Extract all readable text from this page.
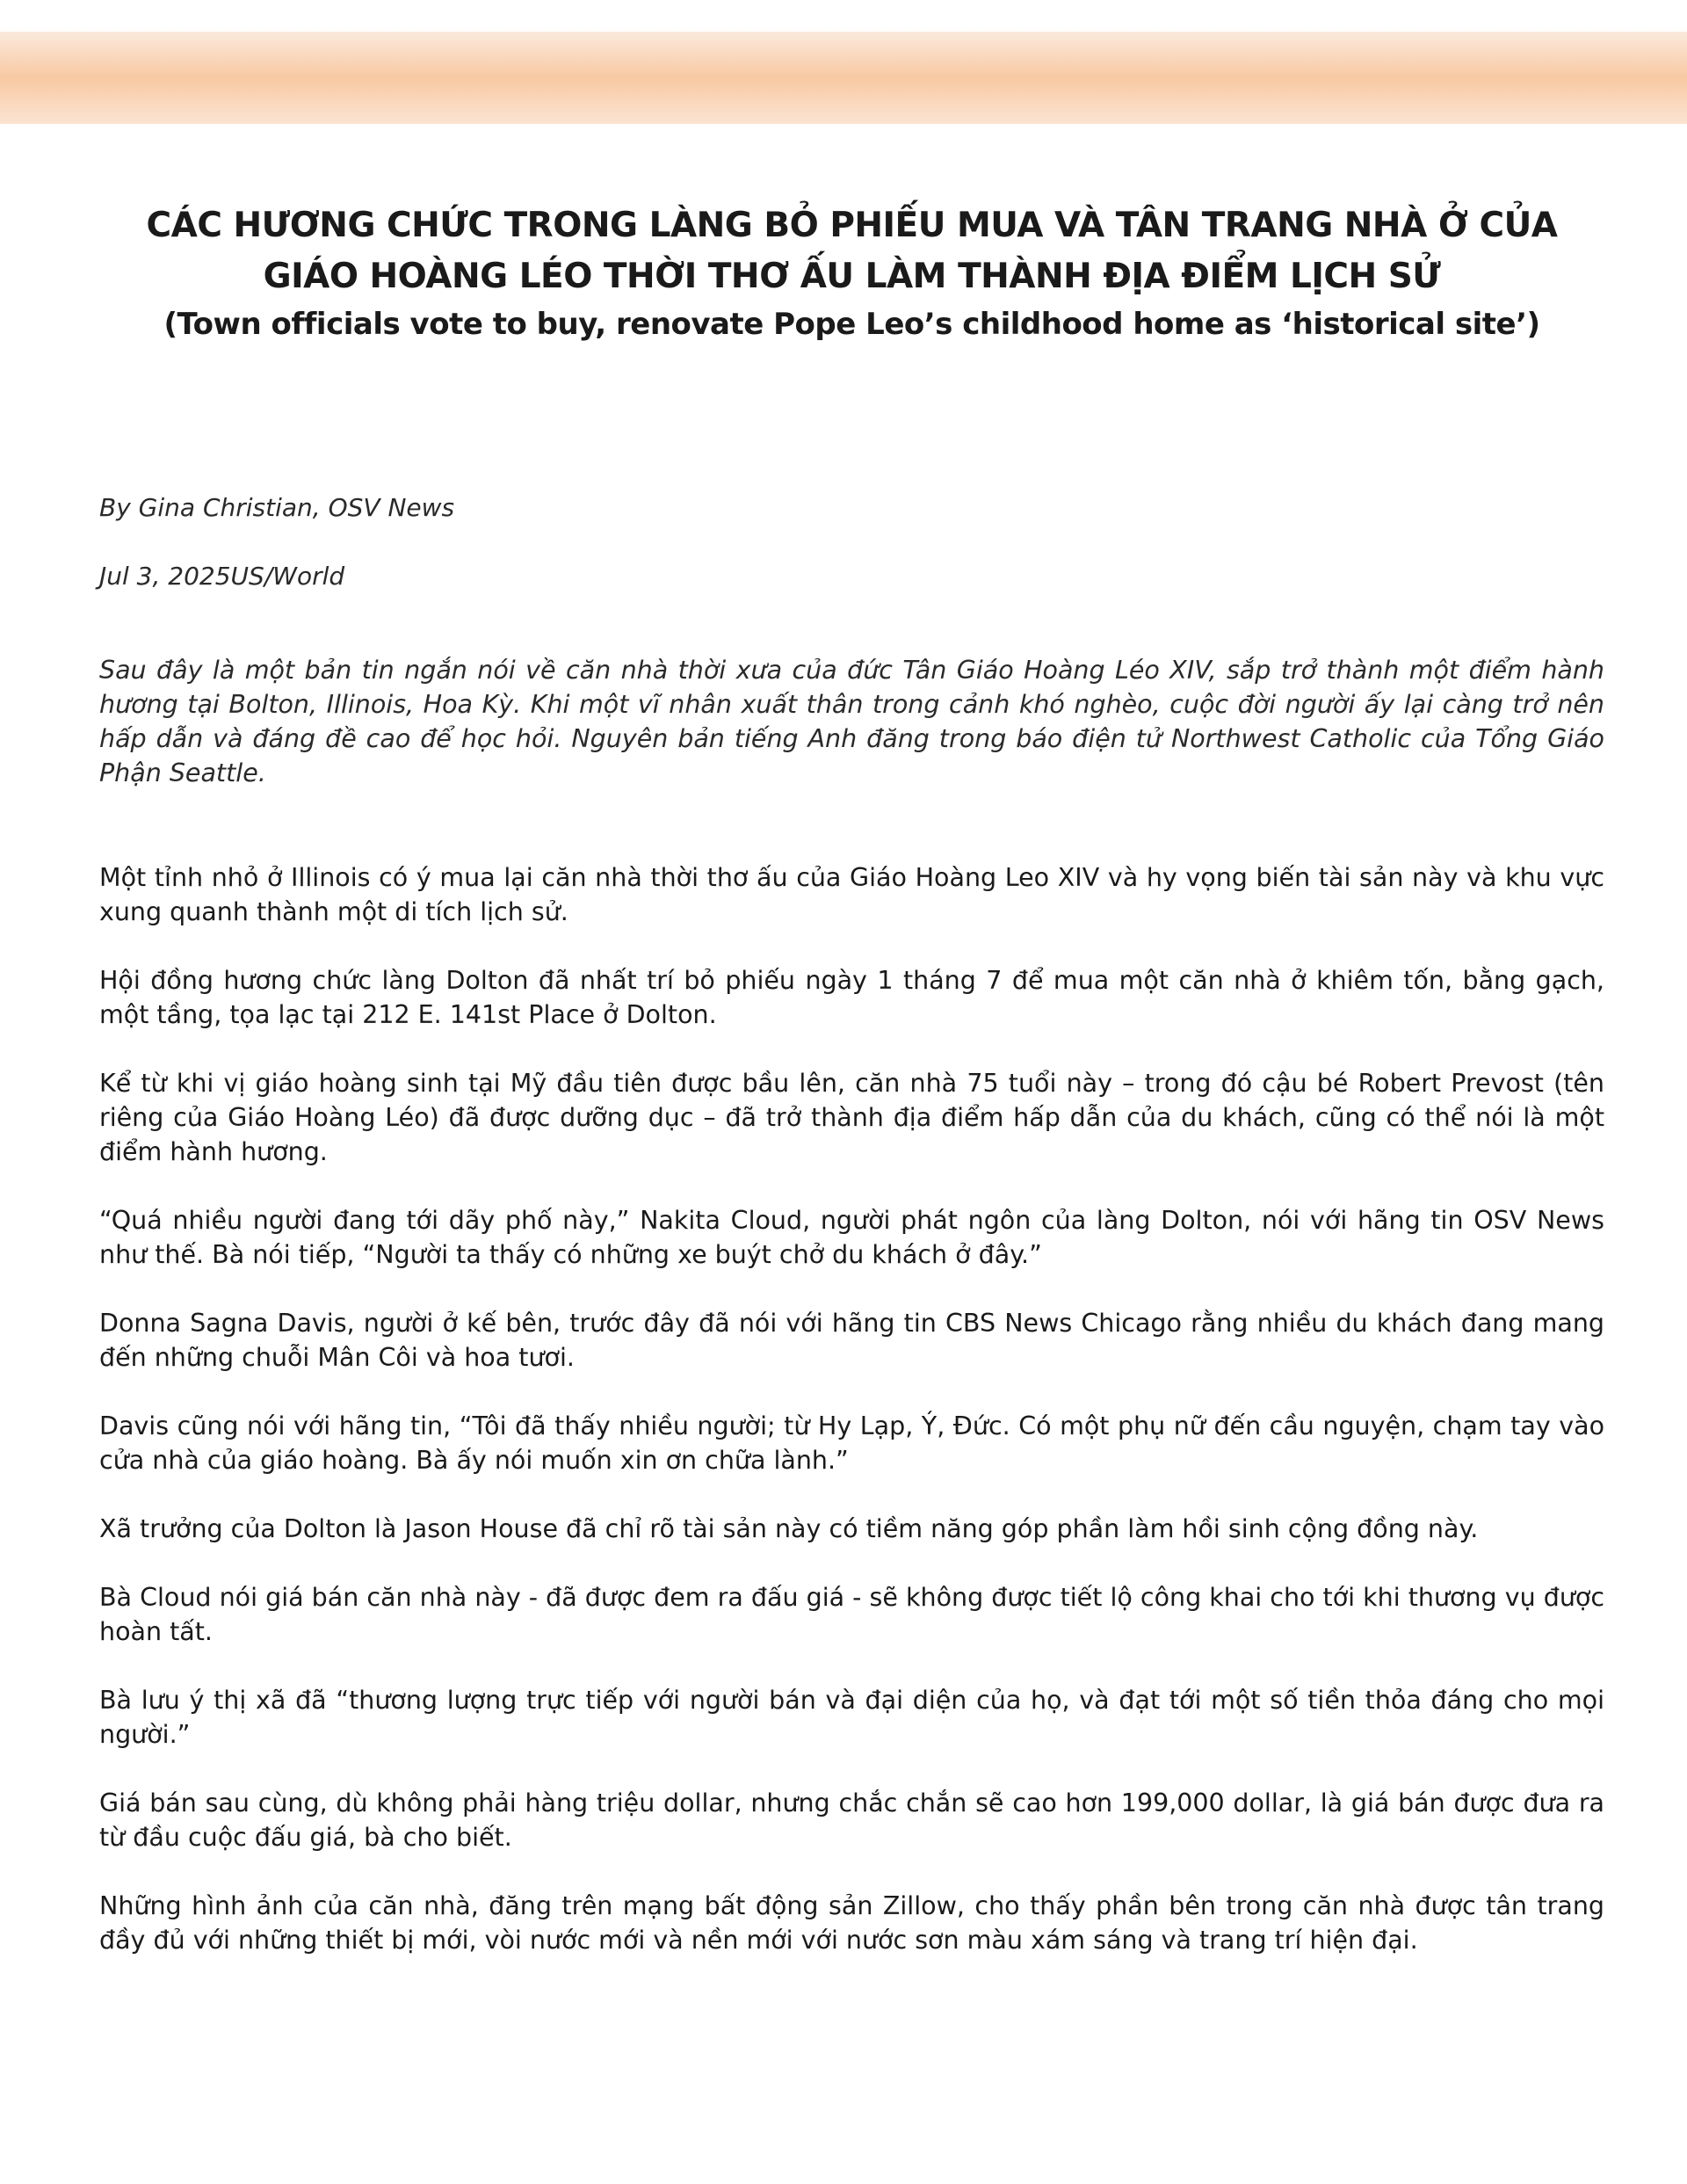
CÁC HƯƠNG CHỨC TRONG LÀNG BỎ PHIẾU MUA VÀ TÂN TRANG NHÀ Ở CỦA
GIÁO HOÀNG LÉO THỜI THƠ ẤU LÀM THÀNH ĐỊA ĐIỂM LỊCH SỬ

(Town officials vote to buy, renovate Pope Leo’s childhood home as ‘historical site’)

By Gina Christian, OSV News

Jul 3, 2025US/World

Sau đây là một bản tin ngắn nói về căn nhà thời xưa của đức Tân Giáo Hoàng Léo XIV, sắp trở thành một điểm hành hương tại Bolton, Illinois, Hoa Kỳ. Khi một vĩ nhân xuất thân trong cảnh khó nghèo, cuộc đời người ấy lại càng trở nên hấp dẫn và đáng đề cao để học hỏi. Nguyên bản tiếng Anh đăng trong báo điện tử Northwest Catholic của Tổng Giáo Phận Seattle.

Một tỉnh nhỏ ở Illinois có ý mua lại căn nhà thời thơ ấu của Giáo Hoàng Leo XIV và hy vọng biến tài sản này và khu vực xung quanh thành một di tích lịch sử.

Hội đồng hương chức làng Dolton đã nhất trí bỏ phiếu ngày 1 tháng 7 để mua một căn nhà ở khiêm tốn, bằng gạch, một tầng, tọa lạc tại 212 E. 141st Place ở Dolton.

Kể từ khi vị giáo hoàng sinh tại Mỹ đầu tiên được bầu lên, căn nhà 75 tuổi này – trong đó cậu bé Robert Prevost (tên riêng của Giáo Hoàng Léo) đã được dưỡng dục – đã trở thành địa điểm hấp dẫn của du khách, cũng có thể nói là một điểm hành hương.

“Quá nhiều người đang tới dãy phố này,” Nakita Cloud, người phát ngôn của làng Dolton, nói với hãng tin OSV News như thế. Bà nói tiếp, “Người ta thấy có những xe buýt chở du khách ở đây.”

Donna Sagna Davis, người ở kế bên, trước đây đã nói với hãng tin CBS News Chicago rằng nhiều du khách đang mang đến những chuỗi Mân Côi và hoa tươi.

Davis cũng nói với hãng tin, “Tôi đã thấy nhiều người; từ Hy Lạp, Ý, Đức. Có một phụ nữ đến cầu nguyện, chạm tay vào cửa nhà của giáo hoàng. Bà ấy nói muốn xin ơn chữa lành.”

Xã trưởng của Dolton là Jason House đã chỉ rõ tài sản này có tiềm năng góp phần làm hồi sinh cộng đồng này.

Bà Cloud nói giá bán căn nhà này - đã được đem ra đấu giá - sẽ không được tiết lộ công khai cho tới khi thương vụ được hoàn tất.

Bà lưu ý thị xã đã “thương lượng trực tiếp với người bán và đại diện của họ, và đạt tới một số tiền thỏa đáng cho mọi người.”

Giá bán sau cùng, dù không phải hàng triệu dollar, nhưng chắc chắn sẽ cao hơn 199,000 dollar, là giá bán được đưa ra từ đầu cuộc đấu giá, bà cho biết.

Những hình ảnh của căn nhà, đăng trên mạng bất động sản Zillow, cho thấy phần bên trong căn nhà được tân trang đầy đủ với những thiết bị mới, vòi nước mới và nền mới với nước sơn màu xám sáng và trang trí hiện đại.
